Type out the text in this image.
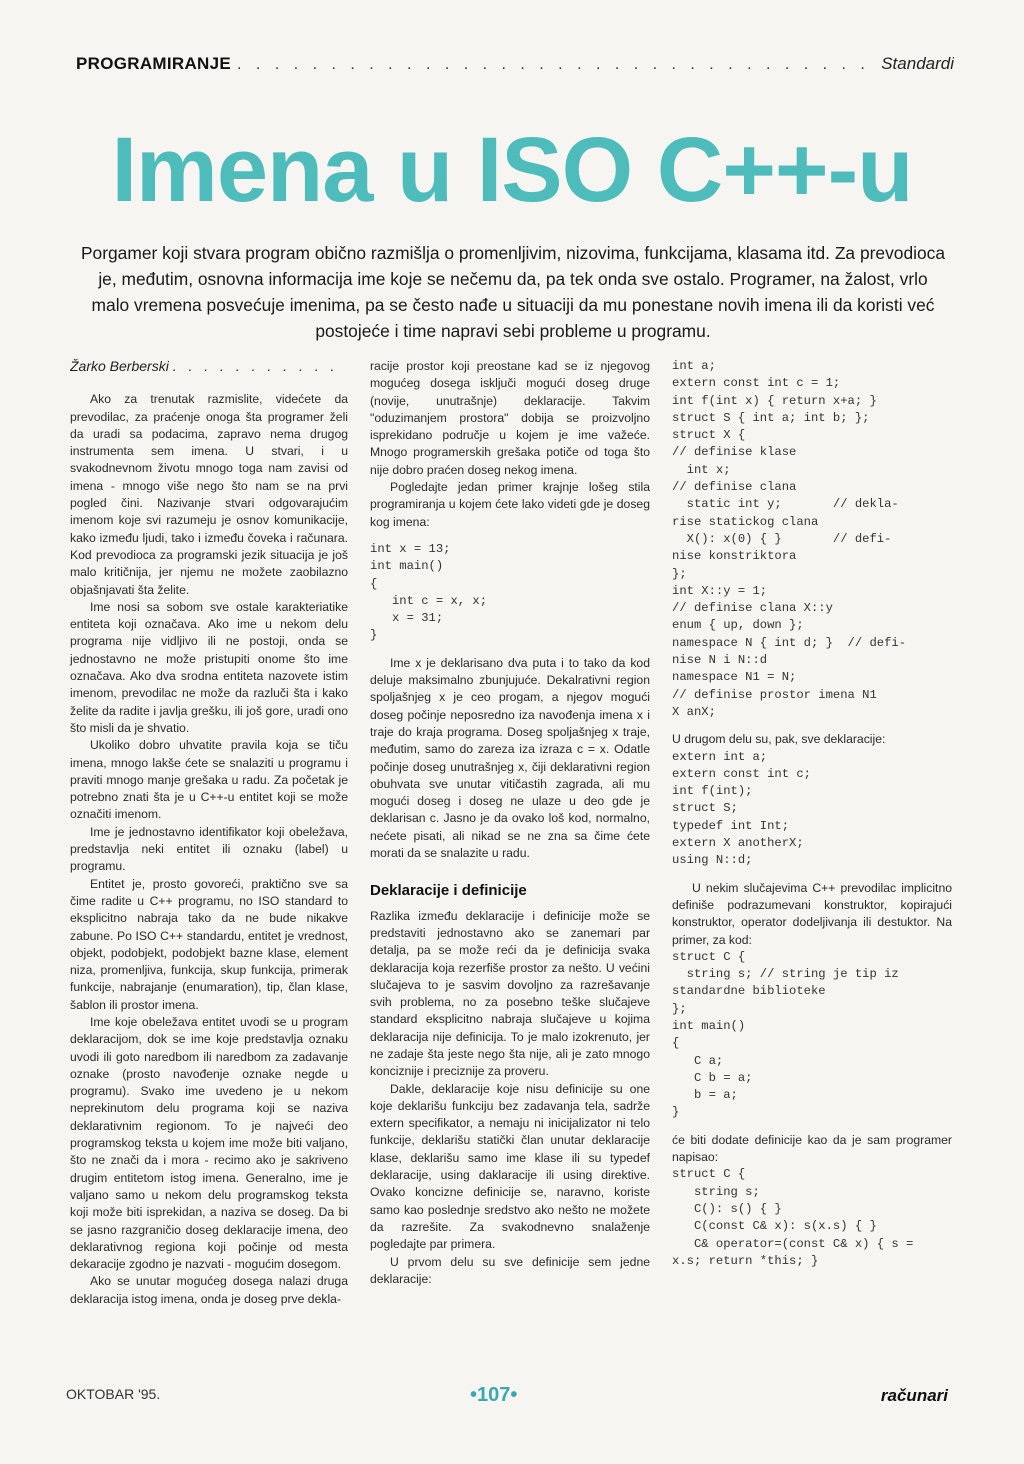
PROGRAMIRANJE
. . .	Standardi
Imena u ISO C++-u
Porgamer koji stvara program obično razmišlja o promenljivim, nizovima, funkcijama, klasama itd. Za prevodioca je, međutim, osnovna informacija ime koje se nečemu da, pa tek onda sve ostalo. Programer, na žalost, vrlo malo vremena posvećuje imenima, pa se često nađe u situaciji da mu ponestane novih imena ili da koristi već postojeće i time napravi sebi probleme u programu.
Žarko Berberski . . . . . . . . . . .

Ako za trenutak razmislite, videćete da prevodilac, za praćenje onoga šta programer želi da uradi sa podacima, zapravo nema drugog instrumenta sem imena. U stvari, i u svakodnevnom životu mnogo toga nam zavisi od imena - mnogo više nego što nam se na prvi pogled čini. Nazivanje stvari odgovarajućim imenom koje svi razumeju je osnov komunikacije, kako između ljudi, tako i između čoveka i računara. Kod prevodioca za programski jezik situacija je još malo kritičnija, jer njemu ne možete zaobilazno objašnjavati šta želite.

Ime nosi sa sobom sve ostale karakteriatike entiteta koji označava. Ako ime u nekom delu programa nije vidljivo ili ne postoji, onda se jednostavno ne može pristupiti onome što ime označava. Ako dva srodna entiteta nazovete istim imenom, prevodilac ne može da razluči šta i kako želite da radite i javlja grešku, ili još gore, uradi ono što misli da je shvatio.

Ukoliko dobro uhvatite pravila koja se tiču imena, mnogo lakše ćete se snalaziti u programu i praviti mnogo manje grešaka u radu. Za početak je potrebno znati šta je u C++-u entitet koji se može označiti imenom.

Ime je jednostavno identifikator koji obeležava, predstavlja neki entitet ili oznaku (label) u programu.

Entitet je, prosto govoreći, praktično sve sa čime radite u C++ programu, no ISO standard to eksplicitno nabraja tako da ne bude nikakve zabune. Po ISO C++ standardu, entitet je vrednost, objekt, podobjekt, podobjekt bazne klase, element niza, promenljiva, funkcija, skup funkcija, primerak funkcije, nabrajanje (enumaration), tip, član klase, šablon ili prostor imena.

Ime koje obeležava entitet uvodi se u program deklaracijom, dok se ime koje predstavlja oznaku uvodi ili goto naredbom ili naredbom za zadavanje oznake (prosto navođenje oznake negde u programu). Svako ime uvedeno je u nekom neprekinutom delu programa koji se naziva deklarativnim regionom. To je najveći deo programskog teksta u kojem ime može biti valjano, što ne znači da i mora - recimo ako je sakriveno drugim entitetom istog imena. Generalno, ime je valjano samo u nekom delu programskog teksta koji može biti isprekidan, a naziva se doseg. Da bi se jasno razgraničio doseg deklaracije imena, deo deklarativnog regiona koji počinje od mesta dekaracije zgodno je nazvati - mogućim dosegom.

Ako se unutar mogućeg dosega nalazi druga deklaracija istog imena, onda je doseg prve dekla-

racije prostor koji preostane kad se iz njegovog mogućeg dosega isključi mogući doseg druge (novije, unutrašnje) deklaracije. Takvim "oduzimanjem prostora" dobija se proizvoljno isprekidano područje u kojem je ime važeće. Mnogo programerskih grešaka potiče od toga što nije dobro praćen doseg nekog imena.

Pogledajte jedan primer krajnje lošeg stila programiranja u kojem ćete lako videti gde je doseg kog imena:

int x = 13;
int main()
{
int c = x, x;
x = 31;
}

Ime x je deklarisano dva puta i to tako da kod deluje maksimalno zbunjujuće. Dekalrativni region spoljašnjeg x je ceo progam, a njegov mogući doseg počinje neposredno iza navođenja imena x i traje do kraja programa. Doseg spoljašnjeg x traje, međutim, samo do zareza iza izraza c = x. Odatle počinje doseg unutrašnjeg x, čiji deklarativni region obuhvata sve unutar vitičastih zagrada, ali mu mogući doseg i doseg ne ulaze u deo gde je deklarisan c. Jasno je da ovako loš kod, normalno, nećete pisati, ali nikad se ne zna sa čime ćete morati da se snalazite u radu.

Deklaracije i definicije

Razlika između deklaracije i definicije može se predstaviti jednostavno ako se zanemari par detalja, pa se može reći da je definicija svaka deklaracija koja rezerfiše prostor za nešto. U većini slučajeva to je sasvim dovoljno za razrešavanje svih problema, no za posebno teške slučajeve standard eksplicitno nabraja slučajeve u kojima deklaracija nije definicija. To je malo izokrenuto, jer ne zadaje šta jeste nego šta nije, ali je zato mnogo konciznije i preciznije za proveru.

Dakle, deklaracije koje nisu definicije su one koje deklarišu funkciju bez zadavanja tela, sadrže extern specifikator, a nemaju ni inicijalizator ni telo funkcije, deklarišu statički član unutar deklaracije klase, deklarišu samo ime klase ili su typedef deklaracije, using daklaracije ili using direktive. Ovako koncizne definicije se, naravno, koriste samo kao poslednje sredstvo ako nešto ne možete da razrešite. Za svakodnevno snalaženje pogledajte par primera.

U prvom delu su sve definicije sem jedne deklaracije:

int a;
extern const int c = 1;
int f(int x) { return x+a; }
struct S { int a; int b; };
struct X {
// definise klase
int x;
// definise clana
static int y;       // dekla-
rise statickog clana
X(): x(0) { }       // defi-
nise konstriktora
};
int X::y = 1;
// definise clana X::y
enum { up, down };
namespace N { int d; }  // defi-
nise N i N::d
namespace N1 = N;
// definise prostor imena N1
X anX;

U drugom delu su, pak, sve deklaracije:

extern int a;
extern const int c;
int f(int);
struct S;
typedef int Int;
extern X anotherX;
using N::d;

U nekim slučajevima C++ prevodilac implicitno definiše podrazumevani konstruktor, kopirajući konstruktor, operator dodeljivanja ili destuktor. Na primer, za kod:

struct C {
string s; // string je tip iz
standardne biblioteke
};
int main()
{
C a;
C b = a;
b = a;
}

će biti dodate definicije kao da je sam programer napisao:

struct C {
string s;
C(): s() { }
C(const C& x): s(x.s) { }
C& operator=(const C& x) { s =
x.s; return *this; }
OKTOBAR '95.	•107•	računari
